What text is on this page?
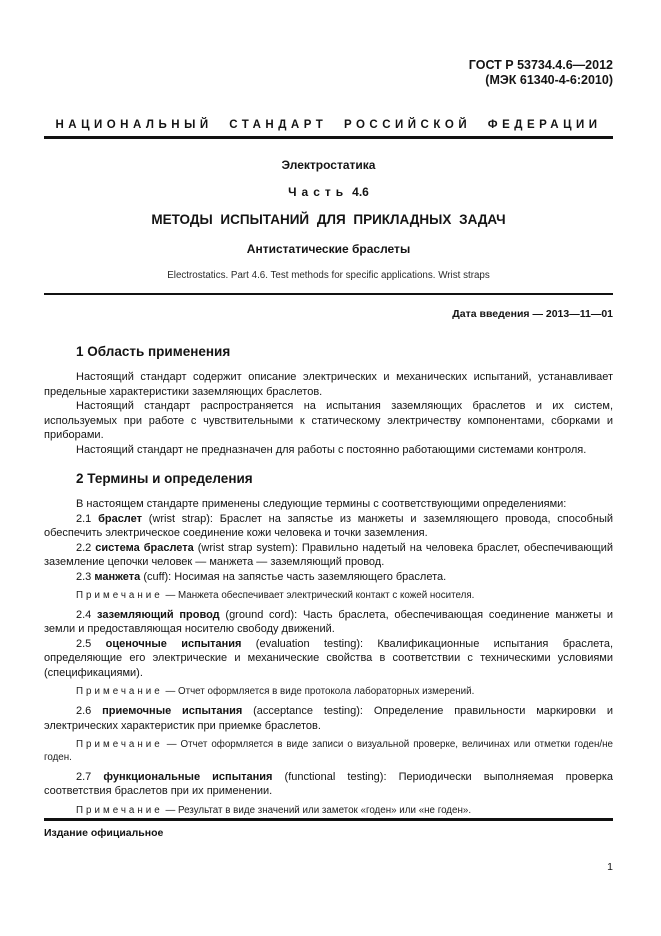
ГОСТ Р 53734.4.6—2012
(МЭК 61340-4-6:2010)
НАЦИОНАЛЬНЫЙ СТАНДАРТ РОССИЙСКОЙ ФЕДЕРАЦИИ
Электростатика
Часть 4.6
МЕТОДЫ ИСПЫТАНИЙ ДЛЯ ПРИКЛАДНЫХ ЗАДАЧ
Антистатические браслеты
Electrostatics. Part 4.6. Test methods for specific applications. Wrist straps
Дата введения — 2013—11—01
1 Область применения

Настоящий стандарт содержит описание электрических и механических испытаний, устанавливает предельные характеристики заземляющих браслетов.

Настоящий стандарт распространяется на испытания заземляющих браслетов и их систем, используемых при работе с чувствительными к статическому электричеству компонентами, сборками и приборами.

Настоящий стандарт не предназначен для работы с постоянно работающими системами контроля.

2 Термины и определения

В настоящем стандарте применены следующие термины с соответствующими определениями:

2.1 браслет (wrist strap): Браслет на запястье из манжеты и заземляющего провода, способный обеспечить электрическое соединение кожи человека и точки заземления.

2.2 система браслета (wrist strap system): Правильно надетый на человека браслет, обеспечивающий заземление цепочки человек — манжета — заземляющий провод.

2.3 манжета (cuff): Носимая на запястье часть заземляющего браслета.

Примечание — Манжета обеспечивает электрический контакт с кожей носителя.

2.4 заземляющий провод (ground cord): Часть браслета, обеспечивающая соединение манжеты и земли и предоставляющая носителю свободу движений.

2.5 оценочные испытания (evaluation testing): Квалификационные испытания браслета, определяющие его электрические и механические свойства в соответствии с техническими условиями (спецификациями).

Примечание — Отчет оформляется в виде протокола лабораторных измерений.

2.6 приемочные испытания (acceptance testing): Определение правильности маркировки и электрических характеристик при приемке браслетов.

Примечание — Отчет оформляется в виде записи о визуальной проверке, величинах или отметки годен/не годен.

2.7 функциональные испытания (functional testing): Периодически выполняемая проверка соответствия браслетов при их применении.

Примечание — Результат в виде значений или заметок «годен» или «не годен».

Издание официальное
1
